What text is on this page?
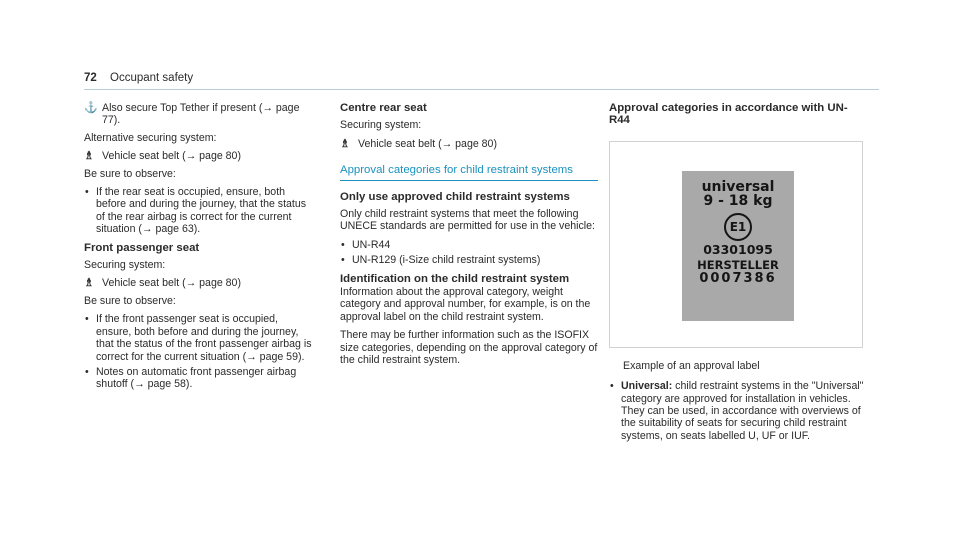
72 Occupant safety
⚓ Also secure Top Tether if present (→ page 77).

Alternative securing system:

♗ Vehicle seat belt (→ page 80)

Be sure to observe:

• If the rear seat is occupied, ensure, both before and during the journey, that the status of the rear airbag is correct for the current situation (→ page 63).
Front passenger seat

Securing system:

♗ Vehicle seat belt (→ page 80)

Be sure to observe:

• If the front passenger seat is occupied, ensure, both before and during the journey, that the status of the front passenger airbag is correct for the current situation (→ page 59).
• Notes on automatic front passenger airbag shutoff (→ page 58).
Centre rear seat

Securing system:

♗ Vehicle seat belt (→ page 80)
Approval categories for child restraint systems
Only use approved child restraint systems

Only child restraint systems that meet the following UNECE standards are permitted for use in the vehicle:

• UN-R44
• UN-R129 (i-Size child restraint systems)
Identification on the child restraint system

Information about the approval category, weight category and approval number, for example, is on the approval label on the child restraint system.

There may be further information such as the ISOFIX size categories, depending on the approval category of the child restraint system.

Approval categories in accordance with UN-R44
universal
9 - 18 kg
E1
03301095
HERSTELLER
0007386

Example of an approval label

• Universal: child restraint systems in the "Universal" category are approved for installation in vehicles. They can be used, in accordance with overviews of the suitability of seats for securing child restraint systems, on seats labelled U, UF or IUF.
